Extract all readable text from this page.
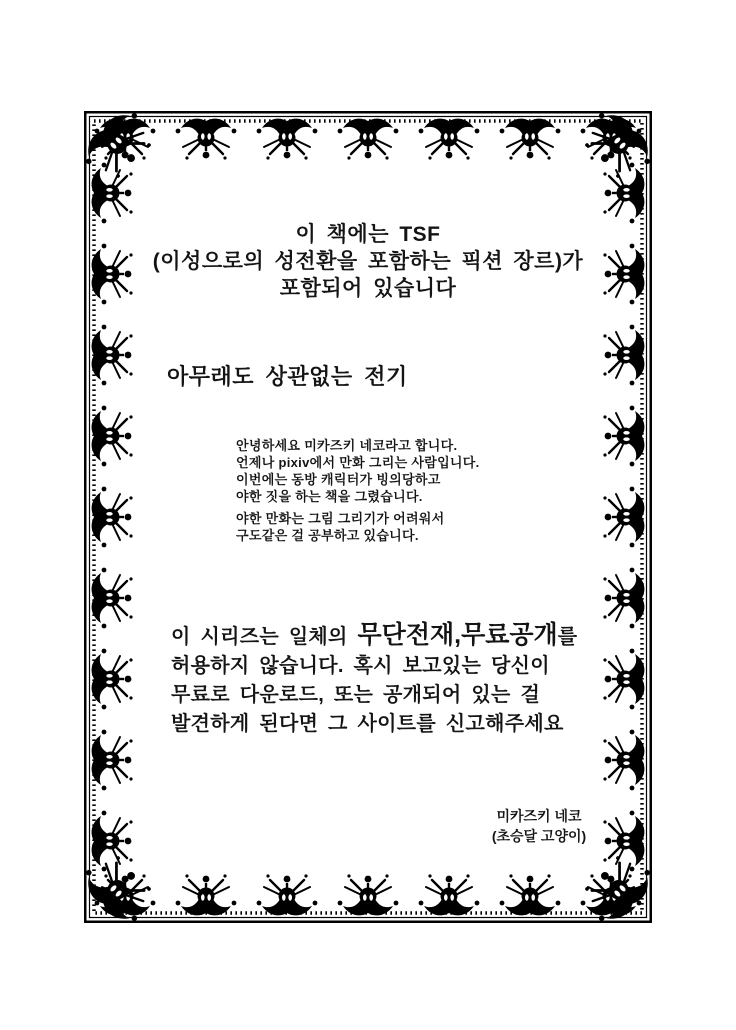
이 책에는 TSF
(이성으로의 성전환을 포함하는 픽션 장르)가
포함되어 있습니다
아무래도 상관없는 전기
안녕하세요 미카즈키 네코라고 합니다.
언제나 pixiv에서 만화 그리는 사람입니다.
이번에는 동방 캐릭터가 빙의당하고
야한 짓을 하는 책을 그렸습니다.
야한 만화는 그림 그리기가 어려워서
구도같은 걸 공부하고 있습니다.
이 시리즈는 일체의 무단전재,무료공개를
허용하지 않습니다. 혹시 보고있는 당신이
무료로 다운로드, 또는 공개되어 있는 걸
발견하게 된다면 그 사이트를 신고해주세요
미카즈키 네코
(초승달 고양이)
